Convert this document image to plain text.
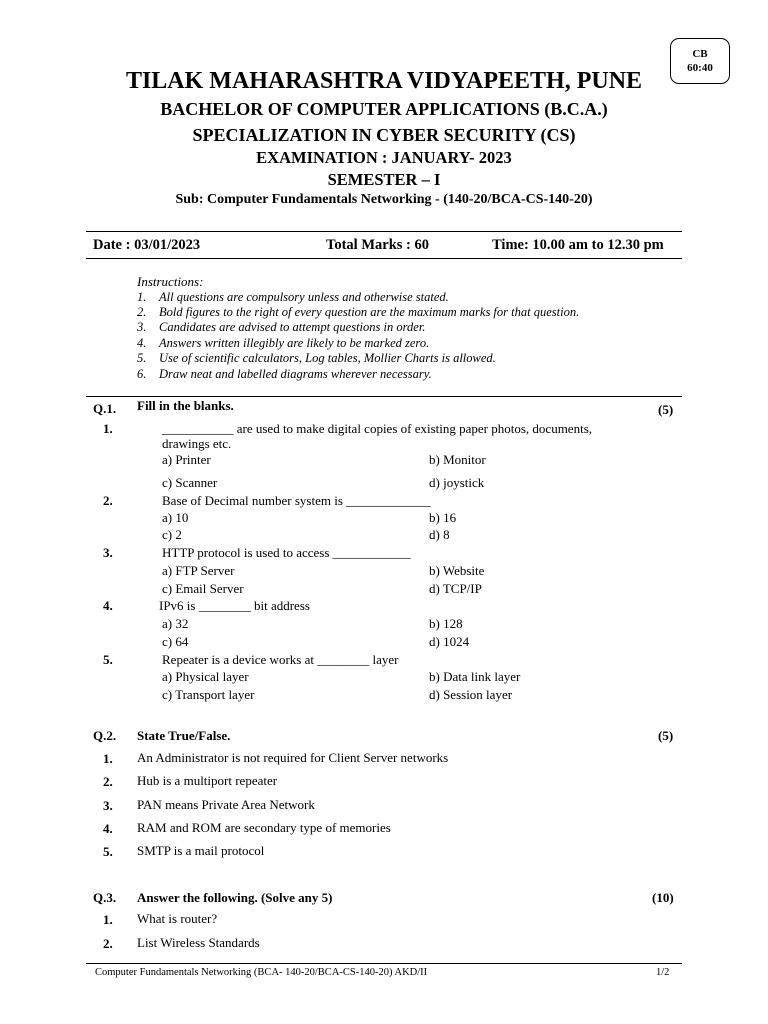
CB
60:40
TILAK MAHARASHTRA VIDYAPEETH, PUNE
BACHELOR OF COMPUTER APPLICATIONS (B.C.A.)
SPECIALIZATION IN CYBER SECURITY (CS)
EXAMINATION : JANUARY- 2023
SEMESTER – I
Sub: Computer Fundamentals Networking - (140-20/BCA-CS-140-20)
Date : 03/01/2023	Total Marks : 60	Time: 10.00 am to 12.30 pm
Instructions:
1. All questions are compulsory unless and otherwise stated.
2. Bold figures to the right of every question are the maximum marks for that question.
3. Candidates are advised to attempt questions in order.
4. Answers written illegibly are likely to be marked zero.
5. Use of scientific calculators, Log tables, Mollier Charts is allowed.
6. Draw neat and labelled diagrams wherever necessary.
Q.1. Fill in the blanks.	(5)
1.	___________ are used to make digital copies of existing paper photos, documents,
drawings etc.
a) Printer	b) Monitor
c) Scanner	d) joystick
2.	Base of Decimal number system is _____________
a) 10	b) 16
c) 2	d) 8
3.	HTTP protocol is used to access ____________
a) FTP Server	b) Website
c) Email Server	d) TCP/IP
4.	IPv6 is ________ bit address
a) 32	b) 128
c) 64	d) 1024
5.	Repeater is a device works at ________ layer
a) Physical layer	b) Data link layer
c) Transport layer	d) Session layer
Q.2. State True/False.	(5)
1. An Administrator is not required for Client Server networks
2. Hub is a multiport repeater
3. PAN means Private Area Network
4. RAM and ROM are secondary type of memories
5. SMTP is a mail protocol
Q.3. Answer the following. (Solve any 5)	(10)
1. What is router?
2. List Wireless Standards
Computer Fundamentals Networking (BCA- 140-20/BCA-CS-140-20) AKD/II	1/2
